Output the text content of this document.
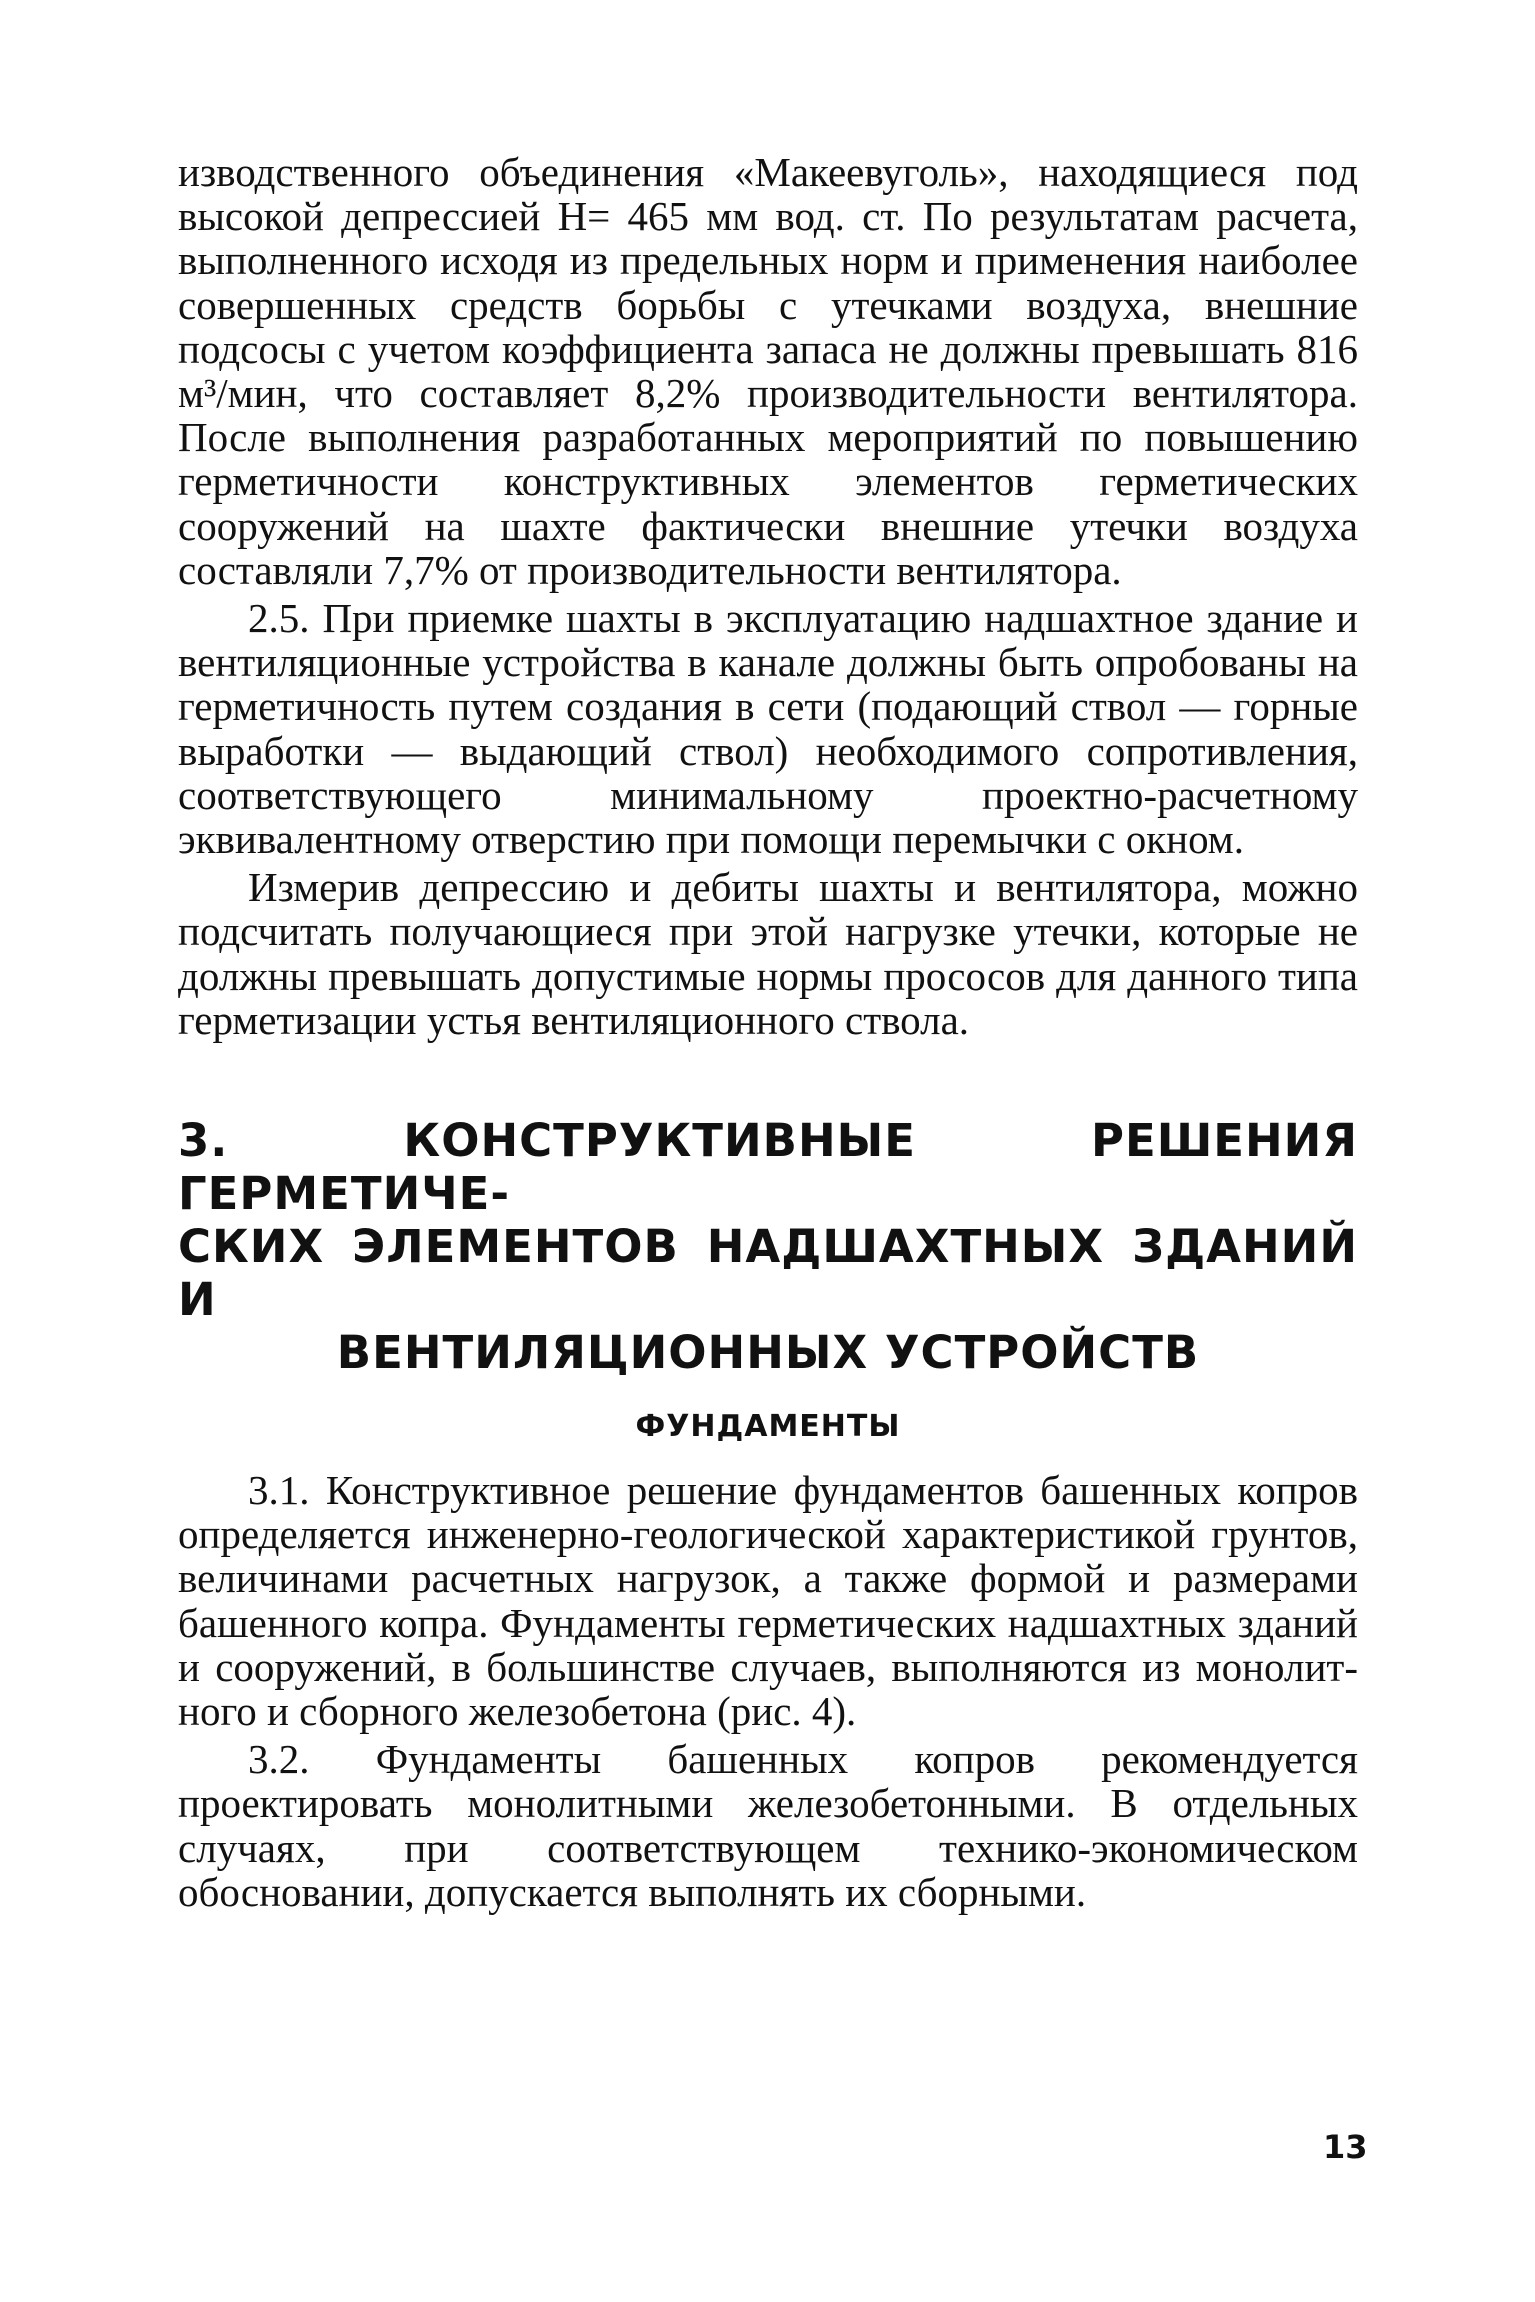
изводственного объединения «Макеевуголь», находящиеся под высокой депрессией Н= 465 мм вод. ст. По результатам расчета, выполненного исходя из предельных норм и применения наиболее совершенных средств борьбы с утечками воздуха, внешние подсосы с учетом коэффициента запаса не должны превышать 816 м³/мин, что составляет 8,2% производительности вентилятора. После выполнения разработанных мероприятий по повышению герметичности конструктивных элементов герметических сооружений на шахте фактически внешние утечки воздуха составляли 7,7% от производительности вентилятора.

2.5. При приемке шахты в эксплуатацию надшахтное здание и вентиляционные устройства в канале должны быть опробованы на герметичность путем создания в сети (подающий ствол — горные выработки — выдающий ствол) необходимого сопротивления, соответствующего минимальному проектно-расчетному эквивалентному отверстию при помощи перемычки с окном.

Измерив депрессию и дебиты шахты и вентилятора, можно подсчитать получающиеся при этой нагрузке утечки, которые не должны превышать допустимые нормы прососов для данного типа герметизации устья вентиляционного ствола.

3. КОНСТРУКТИВНЫЕ РЕШЕНИЯ ГЕРМЕТИЧЕ-
СКИХ ЭЛЕМЕНТОВ НАДШАХТНЫХ ЗДАНИЙ И
ВЕНТИЛЯЦИОННЫХ УСТРОЙСТВ
ФУНДАМЕНТЫ

3.1. Конструктивное решение фундаментов башенных копров определяется инженерно-геологической характеристикой грунтов, величинами расчетных нагрузок, а также формой и размерами башенного копра. Фундаменты герметических надшахтных зданий и сооружений, в большинстве случаев, выполняются из монолитного и сборного железобетона (рис. 4).

3.2. Фундаменты башенных копров рекомендуется проектировать монолитными железобетонными. В отдельных случаях, при соответствующем технико-экономическом обосновании, допускается выполнять их сборными.

13
